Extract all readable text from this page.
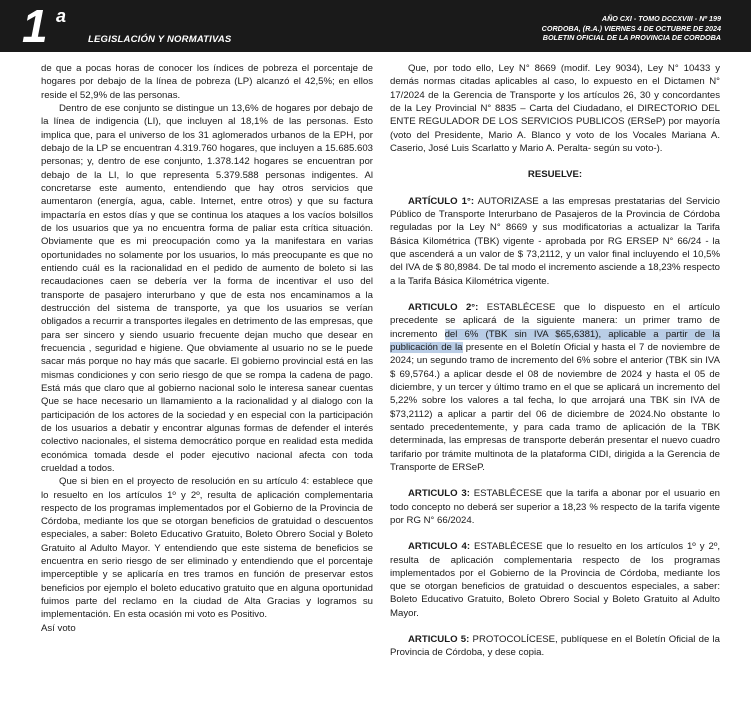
1 a
LEGISLACIÓN Y NORMATIVAS
AÑO CXI - TOMO DCCXVIII - Nº 199
CORDOBA, (R.A.) VIERNES 4 DE OCTUBRE DE 2024
BOLETIN OFICIAL DE LA PROVINCIA DE CORDOBA

de que a pocas horas de conocer los índices de pobreza el porcentaje de hogares por debajo de la línea de pobreza (LP) alcanzó el 42,5%; en ellos reside el 52,9% de las personas.

Dentro de ese conjunto se distingue un 13,6% de hogares por debajo de la línea de indigencia (LI), que incluyen al 18,1% de las personas. Esto implica que, para el universo de los 31 aglomerados urbanos de la EPH, por debajo de la LP se encuentran 4.319.760 hogares, que incluyen a 15.685.603 personas; y, dentro de ese conjunto, 1.378.142 hogares se encuentran por debajo de la LI, lo que representa 5.379.588 personas indigentes. Al concretarse este aumento, entendiendo que hay otros servicios que aumentaron (energía, agua, cable. Internet, entre otros) y que su factura impactaría en estos días y que se continua los ataques a los vacíos bolsillos de los usuarios que ya no encuentra forma de paliar esta crítica situación. Obviamente que es mi preocupación como ya la manifestara en varias oportunidades no solamente por los usuarios, lo más preocupante es que no entiendo cuál es la racionalidad en el pedido de aumento de boleto si las recaudaciones caen se debería ver la forma de incentivar el uso del transporte de pasajero interurbano y que de esta nos encaminamos a la destrucción del sistema de transporte, ya que los usuarios se verían obligados a recurrir a transportes ilegales en detrimento de las empresas, que para ser sincero y siendo usuario frecuente dejan mucho que desear en frecuencia , seguridad e higiene. Que obviamente al usuario no se le puede sacar más porque no hay más que sacarle. El gobierno provincial está en las mismas condiciones y con serio riesgo de que se rompa la cadena de pago. Está más que claro que al gobierno nacional solo le interesa sanear cuentas Que se hace necesario un llamamiento a la racionalidad y al dialogo con la participación de los actores de la sociedad y en especial con la participación de los usuarios a debatir y encontrar algunas formas de defender el interés colectivo nacionales, el sistema democrático porque en realidad esta medida económica tomada desde el poder ejecutivo nacional afecta con toda crueldad a todos.

Que si bien en el proyecto de resolución en su artículo 4: establece que lo resuelto en los artículos 1º y 2º, resulta de aplicación complementaria respecto de los programas implementados por el Gobierno de la Provincia de Córdoba, mediante los que se otorgan beneficios de gratuidad o descuentos especiales, a saber: Boleto Educativo Gratuito, Boleto Obrero Social y Boleto Gratuito al Adulto Mayor. Y entendiendo que este sistema de beneficios se encuentra en serio riesgo de ser eliminado y entendiendo que el porcentaje imperceptible y se aplicaría en tres tramos en función de preservar estos beneficios por ejemplo el boleto educativo gratuito que en alguna oportunidad fuimos parte del reclamo en la ciudad de Alta Gracias y logramos su implementación. En esta ocasión mi voto es Positivo.

Así voto

Que, por todo ello, Ley N° 8669 (modif. Ley 9034), Ley N° 10433 y demás normas citadas aplicables al caso, lo expuesto en el Dictamen N° 17/2024 de la Gerencia de Transporte y los artículos 26, 30 y concordantes de la Ley Provincial N° 8835 – Carta del Ciudadano, el DIRECTORIO DEL ENTE REGULADOR DE LOS SERVICIOS PUBLICOS (ERSeP) por mayoría (voto del Presidente, Mario A. Blanco y voto de los Vocales Mariana A. Caserio, José Luis Scarlatto y Mario A. Peralta- según su voto-).

RESUELVE:

ARTÍCULO 1°: AUTORIZASE a las empresas prestatarias del Servicio Público de Transporte Interurbano de Pasajeros de la Provincia de Córdoba reguladas por la Ley N° 8669 y sus modificatorias a actualizar la Tarifa Básica Kilométrica (TBK) vigente - aprobada por RG ERSEP N° 66/24 - la que ascenderá a un valor de $ 73,2112, y un valor final incluyendo el 10,5% del IVA de $ 80,8984. De tal modo el incremento asciende a 18,23% respecto a la Tarifa Básica Kilométrica vigente.

ARTICULO 2°: ESTABLÉCESE que lo dispuesto en el artículo precedente se aplicará de la siguiente manera: un primer tramo de incremento del 6% (TBK sin IVA $65,6381), aplicable a partir de la publicación de la presente en el Boletín Oficial y hasta el 7 de noviembre de 2024; un segundo tramo de incremento del 6% sobre el anterior (TBK sin IVA $ 69,5764.) a aplicar desde el 08 de noviembre de 2024 y hasta el 05 de diciembre, y un tercer y último tramo en el que se aplicará un incremento del 5,22% sobre los valores a tal fecha, lo que arrojará una TBK sin IVA de $73,2112) a aplicar a partir del 06 de diciembre de 2024.No obstante lo sentado precedentemente, y para cada tramo de aplicación de la TBK determinada, las empresas de transporte deberán presentar el nuevo cuadro tarifario por trámite multinota de la plataforma CIDI, dirigida a la Gerencia de Transporte de ERSeP.

ARTICULO 3: ESTABLÉCESE que la tarifa a abonar por el usuario en todo concepto no deberá ser superior a 18,23 % respecto de la tarifa vigente por RG N° 66/2024.

ARTICULO 4: ESTABLÉCESE que lo resuelto en los artículos 1º y 2º, resulta de aplicación complementaria respecto de los programas implementados por el Gobierno de la Provincia de Córdoba, mediante los que se otorgan beneficios de gratuidad o descuentos especiales, a saber: Boleto Educativo Gratuito, Boleto Obrero Social y Boleto Gratuito al Adulto Mayor.

ARTICULO 5: PROTOCOLÍCESE, publíquese en el Boletín Oficial de la Provincia de Córdoba, y dese copia.
